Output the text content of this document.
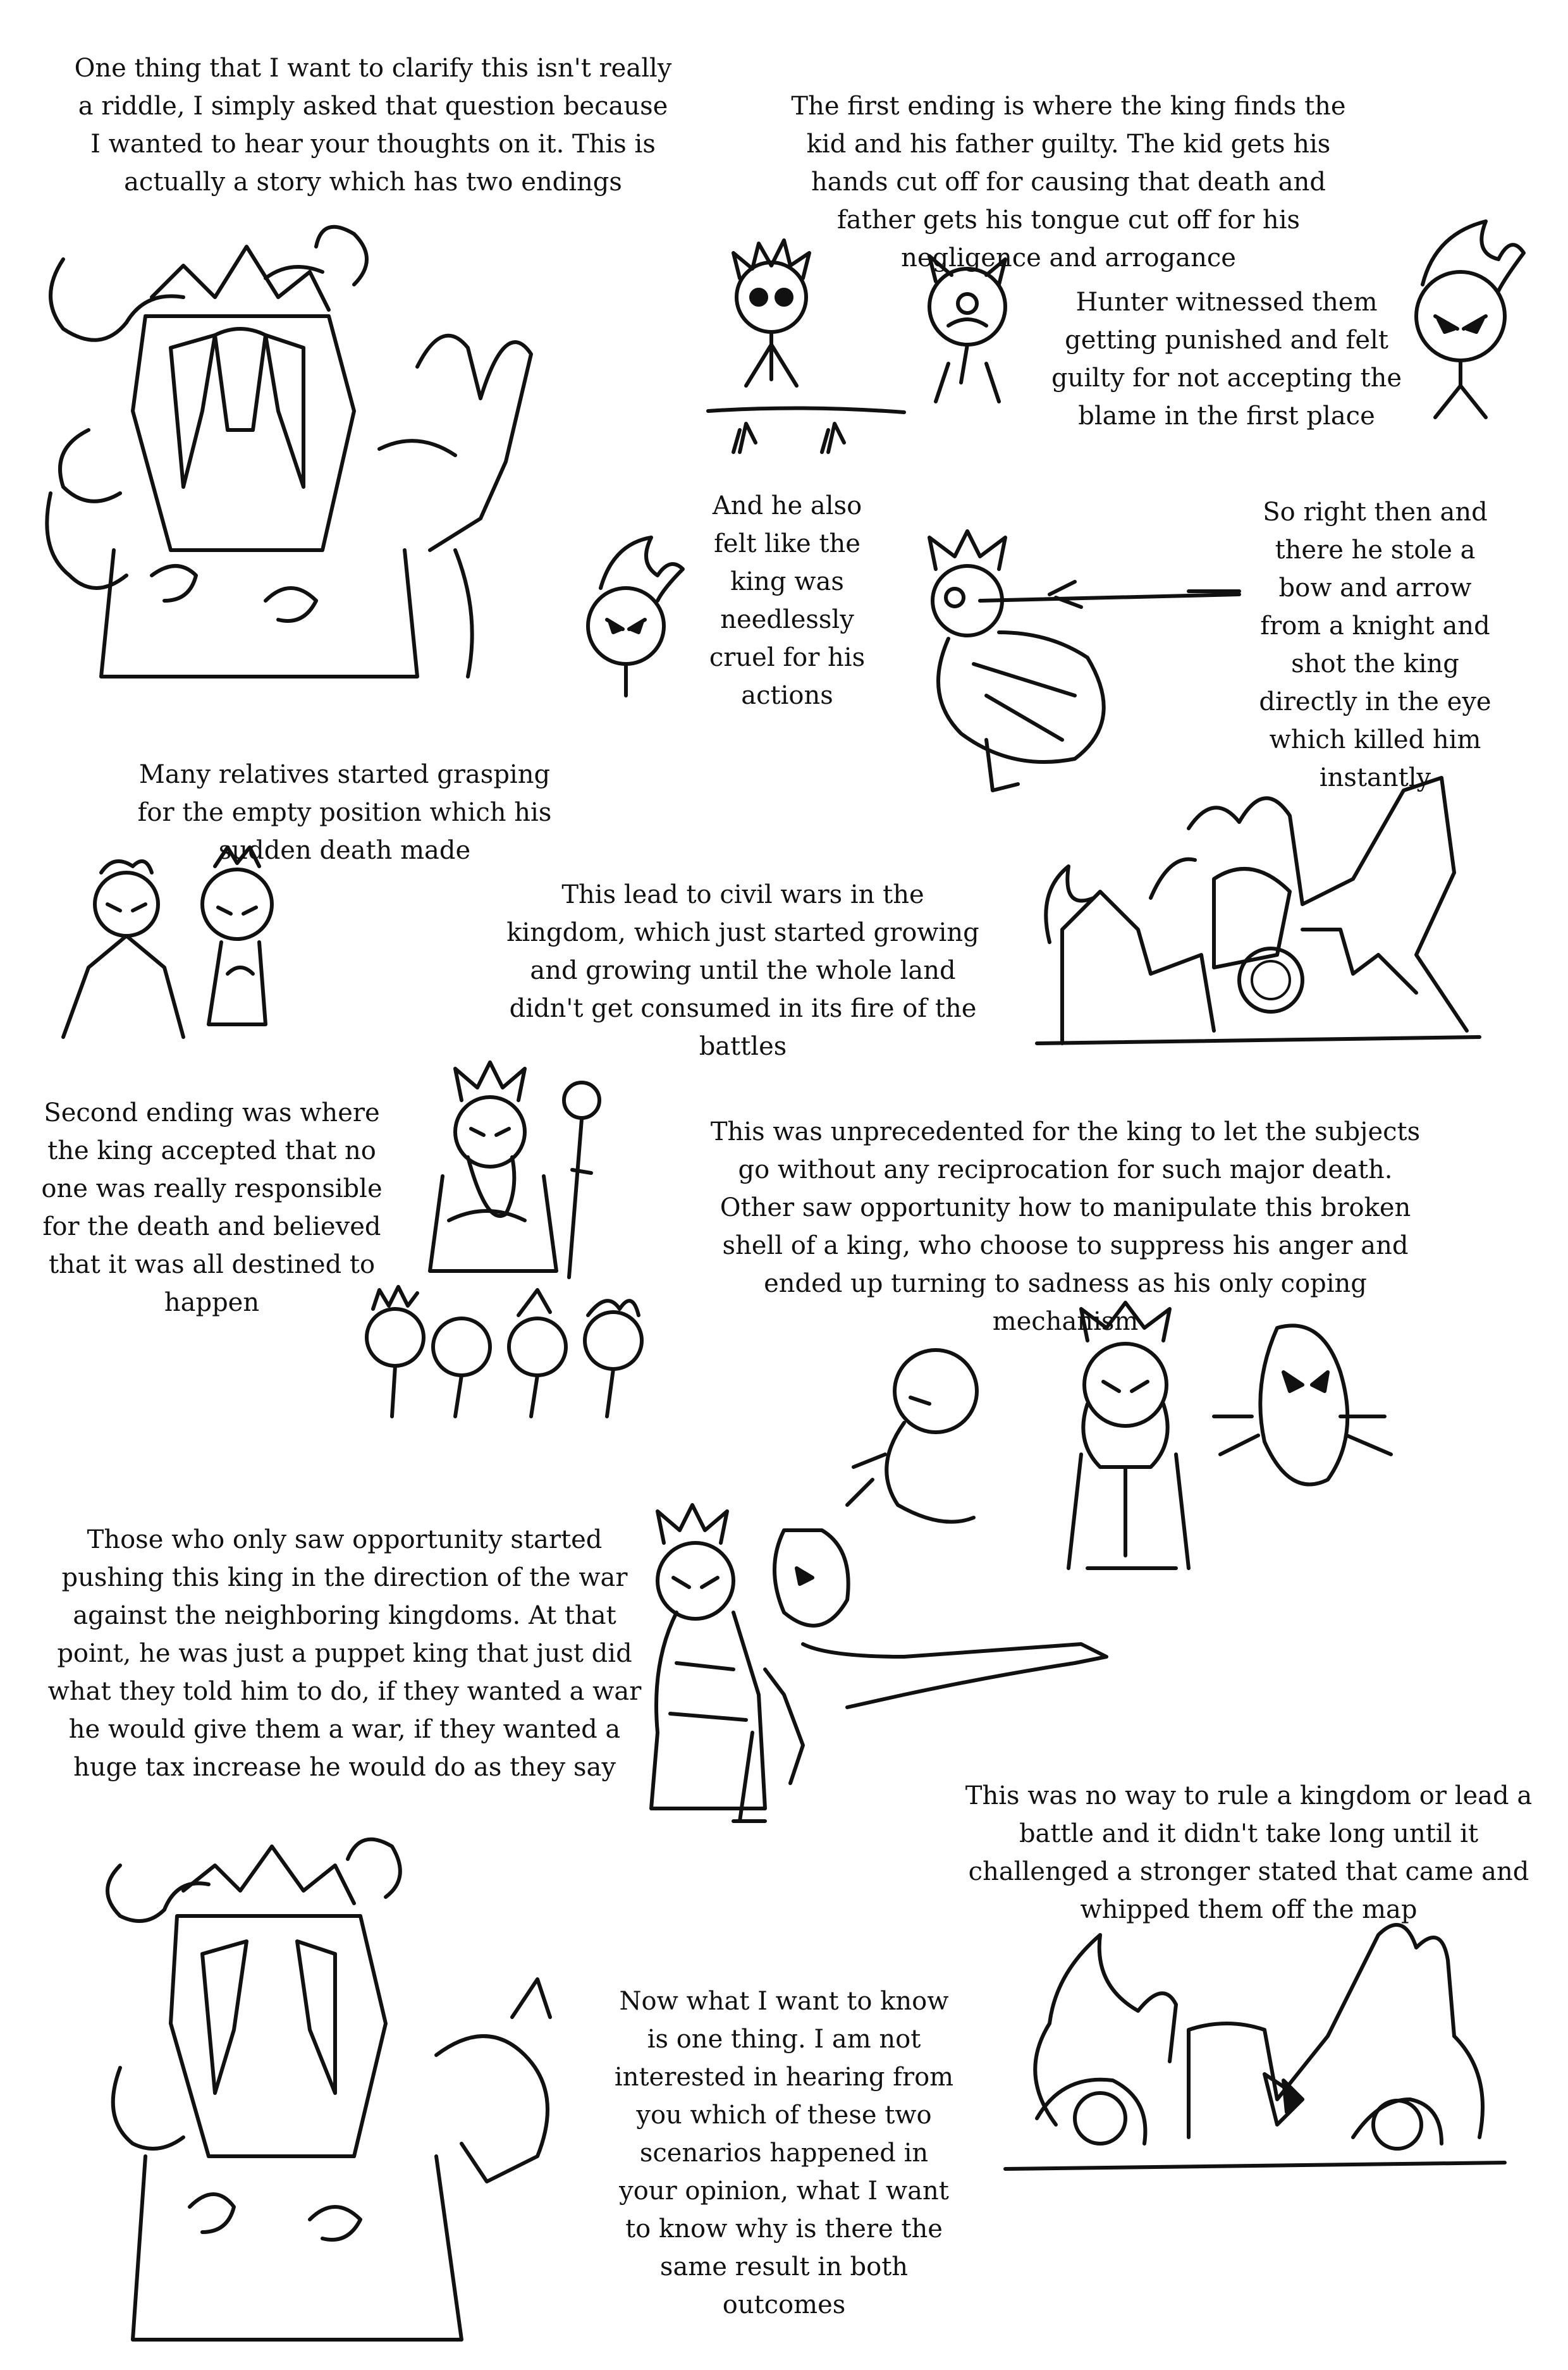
One thing that I want to clarify this isn't really a riddle, I simply asked that question because I wanted to hear your thoughts on it. This is actually a story which has two endings
The first ending is where the king finds the kid and his father guilty. The kid gets his hands cut off for causing that death and father gets his tongue cut off for his negligence and arrogance
Hunter witnessed them getting punished and felt guilty for not accepting the blame in the first place
And he also felt like the king was needlessly cruel for his actions
So right then and there he stole a bow and arrow from a knight and shot the king directly in the eye which killed him instantly
Many relatives started grasping for the empty position which his sudden death made
This lead to civil wars in the kingdom, which just started growing and growing until the whole land didn't get consumed in its fire of the battles
Second ending was where the king accepted that no one was really responsible for the death and believed that it was all destined to happen
This was unprecedented for the king to let the subjects go without any reciprocation for such major death. Other saw opportunity how to manipulate this broken shell of a king, who choose to suppress his anger and ended up turning to sadness as his only coping mechanism
Those who only saw opportunity started pushing this king in the direction of the war against the neighboring kingdoms. At that point, he was just a puppet king that just did what they told him to do, if they wanted a war he would give them a war, if they wanted a huge tax increase he would do as they say
This was no way to rule a kingdom or lead a battle and it didn't take long until it challenged a stronger stated that came and whipped them off the map
Now what I want to know is one thing. I am not interested in hearing from you which of these two scenarios happened in your opinion, what I want to know why is there the same result in both outcomes
